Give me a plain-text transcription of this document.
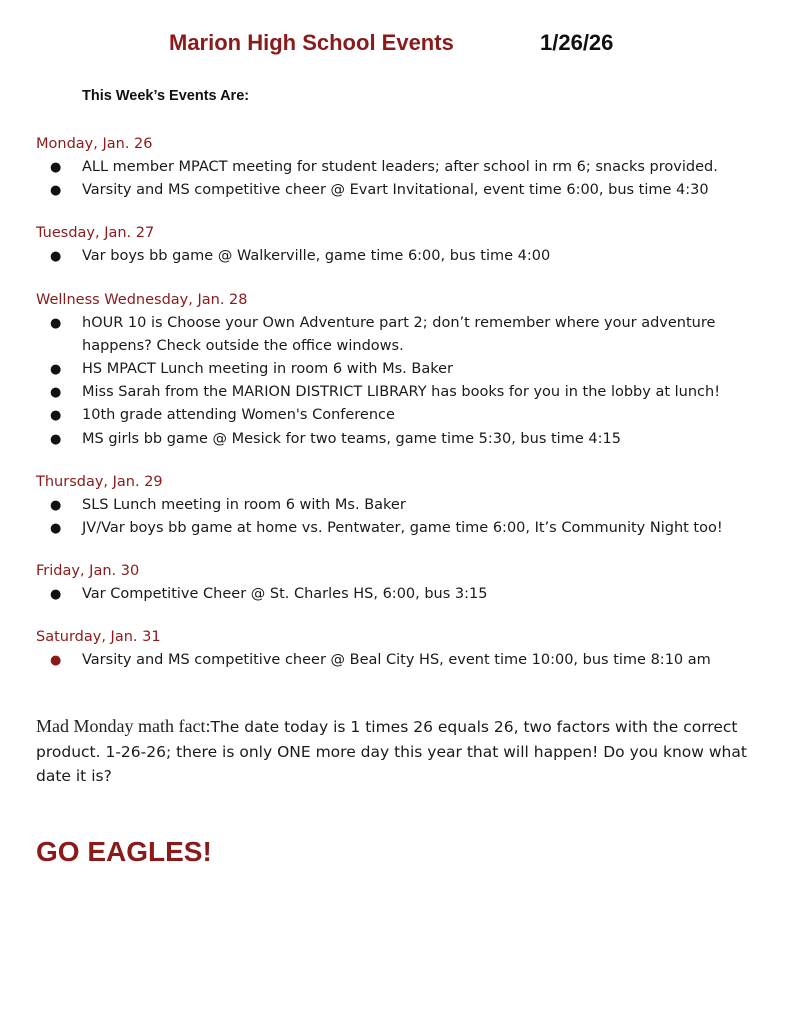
Marion High School Events	1/26/26
This Week’s Events Are:
Monday, Jan. 26
● ALL member MPACT meeting for student leaders; after school in rm 6; snacks provided.
● Varsity and MS competitive cheer @ Evart Invitational, event time 6:00, bus time 4:30
Tuesday, Jan. 27
● Var boys bb game @ Walkerville, game time 6:00, bus time 4:00
Wellness Wednesday, Jan. 28
● hOUR 10 is Choose your Own Adventure part 2; don’t remember where your adventure happens? Check outside the office windows.
● HS MPACT Lunch meeting in room 6 with Ms. Baker
● Miss Sarah from the MARION DISTRICT LIBRARY has books for you in the lobby at lunch!
● 10th grade attending Women's Conference
● MS girls bb game @ Mesick for two teams, game time 5:30, bus time 4:15
Thursday, Jan. 29
● SLS Lunch meeting in room 6 with Ms. Baker
● JV/Var boys bb game at home vs. Pentwater, game time 6:00, It’s Community Night too!
Friday, Jan. 30
● Var Competitive Cheer @ St. Charles HS, 6:00, bus 3:15
Saturday, Jan. 31
● Varsity and MS competitive cheer @ Beal City HS, event time 10:00, bus time 8:10 am
Mad Monday math fact:The date today is 1 times 26 equals 26, two factors with the correct product. 1-26-26; there is only ONE more day this year that will happen! Do you know what date it is?
GO EAGLES!
